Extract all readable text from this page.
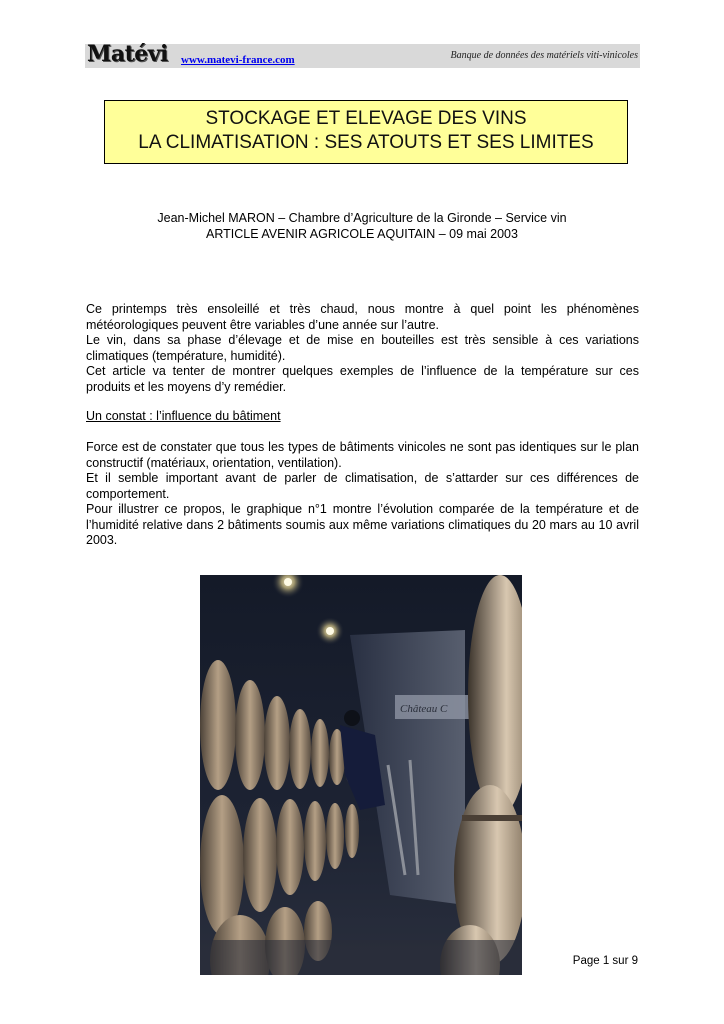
Matévi www.matevi-france.com	Banque de données des matériels viti-vinicoles
STOCKAGE ET ELEVAGE DES VINS
LA CLIMATISATION : SES ATOUTS ET SES LIMITES
Jean-Michel MARON – Chambre d’Agriculture de la Gironde – Service vin
ARTICLE AVENIR AGRICOLE AQUITAIN – 09 mai 2003

Ce printemps très ensoleillé et très chaud, nous montre à quel point les phénomènes météorologiques peuvent être variables d’une année sur l’autre.

Le vin, dans sa phase d’élevage et de mise en bouteilles est très sensible à ces variations climatiques (température, humidité).

Cet article va tenter de montrer quelques exemples de l’influence de la température sur ces produits et les moyens d’y remédier.

Un constat : l’influence du bâtiment

Force est de constater que tous les types de bâtiments vinicoles ne sont pas identiques sur le plan constructif (matériaux, orientation, ventilation).

Et il semble important avant de parler de climatisation, de s’attarder sur ces différences de comportement.

Pour illustrer ce propos, le graphique n°1 montre l’évolution comparée de la température et de l’humidité relative dans 2 bâtiments soumis aux même variations climatiques du 20 mars au 10 avril 2003.

Château C
Page 1 sur 9
